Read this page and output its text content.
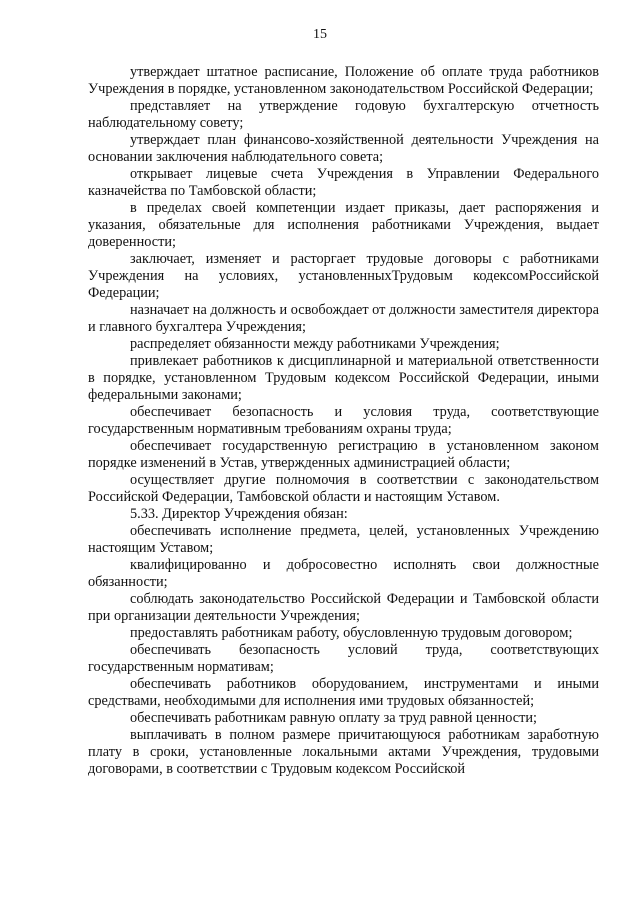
15

утверждает штатное расписание, Положение об оплате труда работников Учреждения в порядке, установленном законодательством Российской Федерации;

представляет на утверждение годовую бухгалтерскую отчетность наблюдательному совету;

утверждает план финансово-хозяйственной деятельности Учреждения на основании заключения наблюдательного совета;

открывает лицевые счета Учреждения в Управлении Федерального казначейства по Тамбовской области;

в пределах своей компетенции издает приказы, дает распоряжения и указания, обязательные для исполнения работниками Учреждения, выдает доверенности;

заключает, изменяет и расторгает трудовые договоры с работниками Учреждения на условиях, установленныхТрудовым кодексомРоссийской Федерации;

назначает на должность и освобождает от должности заместителя директора и главного бухгалтера Учреждения;

распределяет обязанности между работниками Учреждения;

привлекает работников к дисциплинарной и материальной ответственности в порядке, установленном Трудовым кодексом Российской Федерации, иными федеральными законами;

обеспечивает безопасность и условия труда, соответствующие государственным нормативным требованиям охраны труда;

обеспечивает государственную регистрацию в установленном законом порядке изменений в Устав, утвержденных администрацией области;

осуществляет другие полномочия в соответствии с законодательством Российской Федерации, Тамбовской области и настоящим Уставом.

5.33. Директор Учреждения обязан:

обеспечивать исполнение предмета, целей, установленных Учреждению настоящим Уставом;

квалифицированно и добросовестно исполнять свои должностные обязанности;

соблюдать законодательство Российской Федерации и Тамбовской области при организации деятельности Учреждения;

предоставлять работникам работу, обусловленную трудовым договором;

обеспечивать безопасность условий труда, соответствующих государственным нормативам;

обеспечивать работников оборудованием, инструментами и иными средствами, необходимыми для исполнения ими трудовых обязанностей;

обеспечивать работникам равную оплату за труд равной ценности;

выплачивать в полном размере причитающуюся работникам заработную плату в сроки, установленные локальными актами Учреждения, трудовыми договорами, в соответствии с Трудовым кодексом Российской
